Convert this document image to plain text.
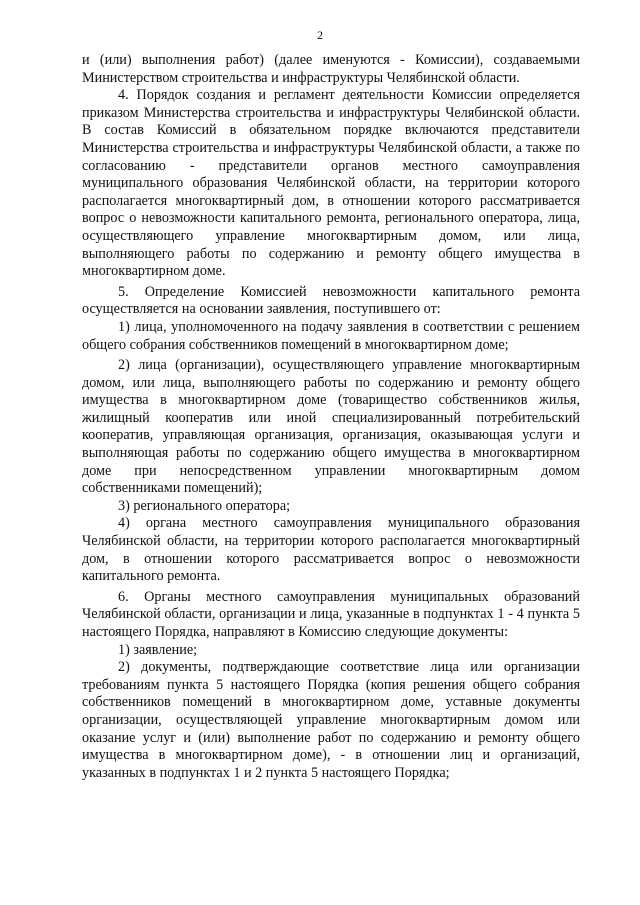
2

и (или) выполнения работ) (далее именуются - Комиссии), создаваемыми Министерством строительства и инфраструктуры Челябинской области.

4. Порядок создания и регламент деятельности Комиссии определяется приказом Министерства строительства и инфраструктуры Челябинской области. В состав Комиссий в обязательном порядке включаются представители Министерства строительства и инфраструктуры Челябинской области, а также по согласованию - представители органов местного самоуправления муниципального образования Челябинской области, на территории которого располагается многоквартирный дом, в отношении которого рассматривается вопрос о невозможности капитального ремонта, регионального оператора, лица, осуществляющего управление многоквартирным домом, или лица, выполняющего работы по содержанию и ремонту общего имущества в многоквартирном доме.

5. Определение Комиссией невозможности капитального ремонта осуществляется на основании заявления, поступившего от:

1) лица, уполномоченного на подачу заявления в соответствии с решением общего собрания собственников помещений в многоквартирном доме;

2) лица (организации), осуществляющего управление многоквартирным домом, или лица, выполняющего работы по содержанию и ремонту общего имущества в многоквартирном доме (товарищество собственников жилья, жилищный кооператив или иной специализированный потребительский кооператив, управляющая организация, организация, оказывающая услуги и выполняющая работы по содержанию общего имущества в многоквартирном доме при непосредственном управлении многоквартирным домом собственниками помещений);

3) регионального оператора;

4) органа местного самоуправления муниципального образования Челябинской области, на территории которого располагается многоквартирный дом, в отношении которого рассматривается вопрос о невозможности капитального ремонта.

6. Органы местного самоуправления муниципальных образований Челябинской области, организации и лица, указанные в подпунктах 1 - 4 пункта 5 настоящего Порядка, направляют в Комиссию следующие документы:

1) заявление;

2) документы, подтверждающие соответствие лица или организации требованиям пункта 5 настоящего Порядка (копия решения общего собрания собственников помещений в многоквартирном доме, уставные документы организации, осуществляющей управление многоквартирным домом или оказание услуг и (или) выполнение работ по содержанию и ремонту общего имущества в многоквартирном доме), - в отношении лиц и организаций, указанных в подпунктах 1 и 2 пункта 5 настоящего Порядка;
